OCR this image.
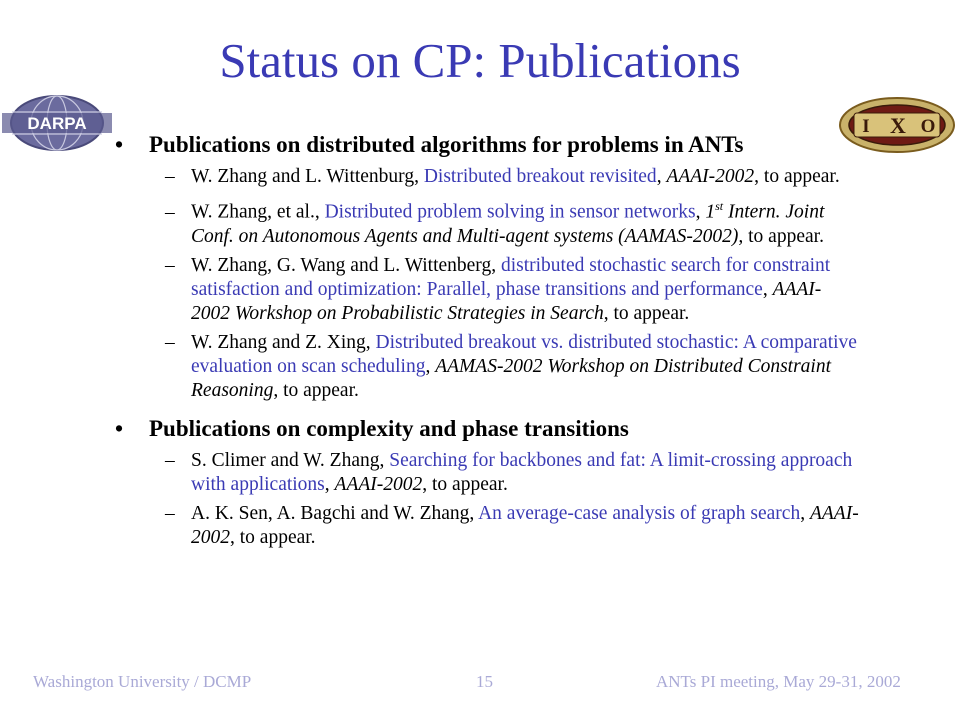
Status on CP: Publications
DARPA	I X O
•	Publications on distributed algorithms for problems in ANTs
– W. Zhang and L. Wittenburg, Distributed breakout revisited, AAAI-2002, to appear.
– W. Zhang, et al., Distributed problem solving in sensor networks, 1st Intern. Joint Conf. on Autonomous Agents and Multi-agent systems (AAMAS-2002), to appear.
– W. Zhang, G. Wang and L. Wittenberg, distributed stochastic search for constraint satisfaction and optimization: Parallel, phase transitions and performance, AAAI-2002 Workshop on Probabilistic Strategies in Search, to appear.
– W. Zhang and Z. Xing, Distributed breakout vs. distributed stochastic: A comparative evaluation on scan scheduling, AAMAS-2002 Workshop on Distributed Constraint Reasoning, to appear.
•	Publications on complexity and phase transitions
– S. Climer and W. Zhang, Searching for backbones and fat: A limit-crossing approach with applications, AAAI-2002, to appear.
– A. K. Sen, A. Bagchi and W. Zhang, An average-case analysis of graph search, AAAI-2002, to appear.
Washington University / DCMP	15	ANTs PI meeting, May 29-31, 2002
